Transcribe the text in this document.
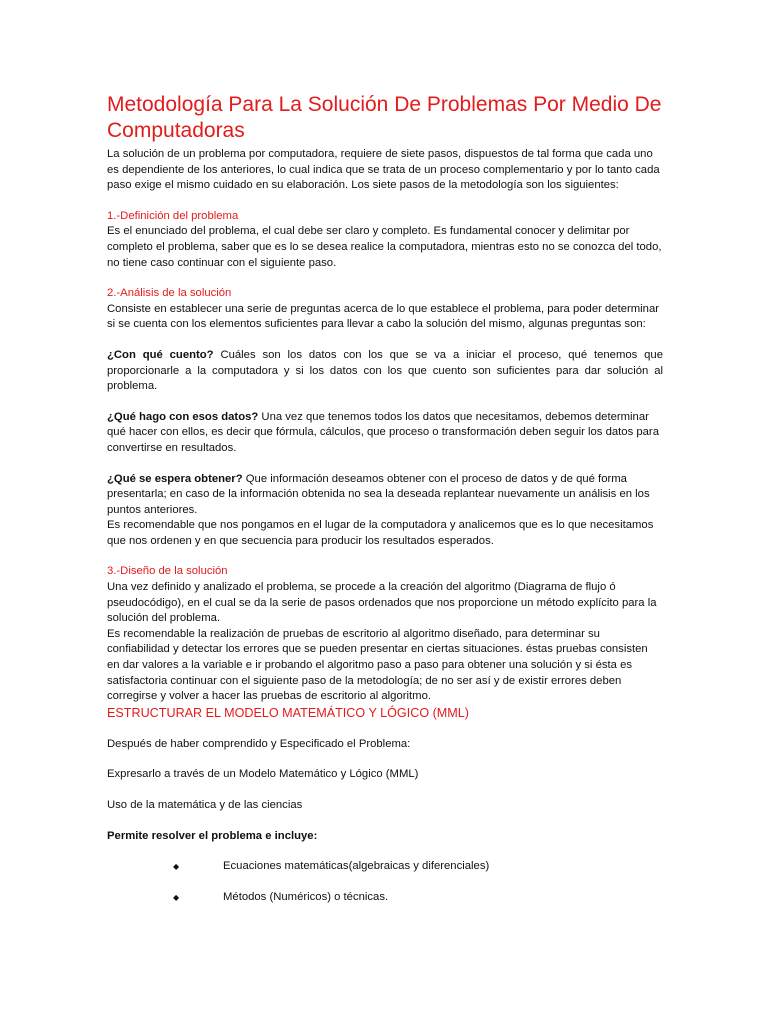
Metodología Para La Solución De Problemas Por Medio De Computadoras

La solución de un problema por computadora, requiere de siete pasos, dispuestos de tal forma que cada uno es dependiente de los anteriores, lo cual indica que se trata de un proceso complementario y por lo tanto cada paso exige el mismo cuidado en su elaboración. Los siete pasos de la metodología son los siguientes:

1.-Definición del problema

Es el enunciado del problema, el cual debe ser claro y completo. Es fundamental conocer y delimitar por completo el problema, saber que es lo se desea realice la computadora, mientras esto no se conozca del todo, no tiene caso continuar con el siguiente paso.

2.-Análisis de la solución

Consiste en establecer una serie de preguntas acerca de lo que establece el problema, para poder determinar si se cuenta con los elementos suficientes para llevar a cabo la solución del mismo, algunas preguntas son:

¿Con qué cuento? Cuáles son los datos con los que se va a iniciar el proceso, qué tenemos que proporcionarle a la computadora y si los datos con los que cuento son suficientes para dar solución al problema.

¿Qué hago con esos datos? Una vez que tenemos todos los datos que necesitamos, debemos determinar qué hacer con ellos, es decir que fórmula, cálculos, que proceso o transformación deben seguir los datos para convertirse en resultados.

¿Qué se espera obtener? Que información deseamos obtener con el proceso de datos y de qué forma presentarla; en caso de la información obtenida no sea la deseada replantear nuevamente un análisis en los puntos anteriores.

Es recomendable que nos pongamos en el lugar de la computadora y analicemos que es lo que necesitamos que nos ordenen y en que secuencia para producir los resultados esperados.

3.-Diseño de la solución

Una vez definido y analizado el problema, se procede a la creación del algoritmo (Diagrama de flujo ó pseudocódigo), en el cual se da la serie de pasos ordenados que nos proporcione un método explícito para la solución del problema.

Es recomendable la realización de pruebas de escritorio al algoritmo diseñado, para determinar su confiabilidad y detectar los errores que se pueden presentar en ciertas situaciones. éstas pruebas consisten en dar valores a la variable e ir probando el algoritmo paso a paso para obtener una solución y si ésta es satisfactoria continuar con el siguiente paso de la metodología; de no ser así y de existir errores deben corregirse y volver a hacer las pruebas de escritorio al algoritmo.

ESTRUCTURAR EL MODELO MATEMÁTICO Y LÓGICO (MML)

Después de haber comprendido y Especificado el Problema:

Expresarlo a través de un Modelo Matemático y Lógico (MML)

Uso de la matemática y de las ciencias

Permite resolver el problema e incluye:

◆	Ecuaciones matemáticas(algebraicas y diferenciales)
◆	Métodos (Numéricos) o técnicas.
